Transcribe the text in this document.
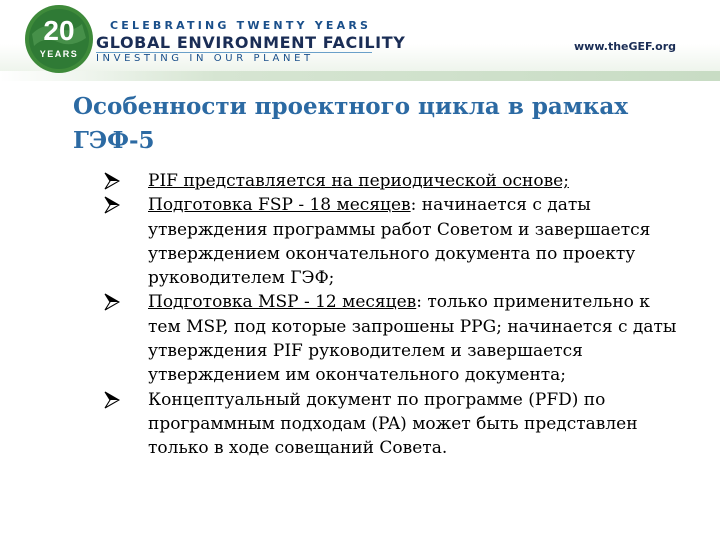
20
YEARS
CELEBRATING TWENTY YEARS
GLOBAL ENVIRONMENT FACILITY
INVESTING IN OUR PLANET
www.theGEF.org
Особенности проектного цикла в рамках ГЭФ-5
PIF представляется на периодической основе;
Подготовка FSP - 18 месяцев: начинается с даты утверждения программы работ Советом и завершается утверждением окончательного документа по проекту руководителем ГЭФ;
Подготовка MSP - 12 месяцев: только применительно к тем MSP, под которые запрошены PPG; начинается с даты утверждения PIF руководителем и завершается утверждением им окончательного документа;
Концептуальный документ по программе (PFD) по программным подходам (PA) может быть представлен только в ходе совещаний Совета.
